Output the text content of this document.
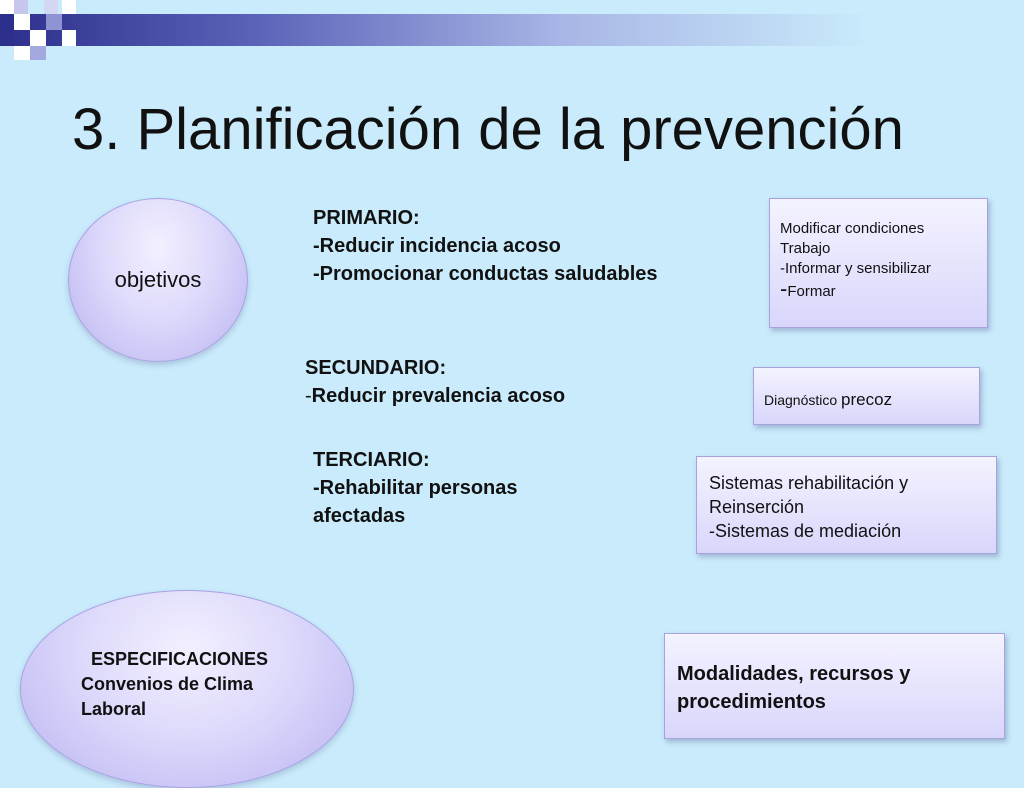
3. Planificación de la prevención
objetivos
PRIMARIO:
-Reducir incidencia acoso
-Promocionar conductas saludables
SECUNDARIO:
-Reducir prevalencia acoso
TERCIARIO:
-Rehabilitar personas
afectadas
Modificar condiciones
Trabajo
-Informar y sensibilizar
-Formar
Diagnóstico precoz
Sistemas rehabilitación y
Reinserción
-Sistemas de mediación
ESPECIFICACIONES
Convenios de Clima
Laboral
Modalidades, recursos y
procedimientos
